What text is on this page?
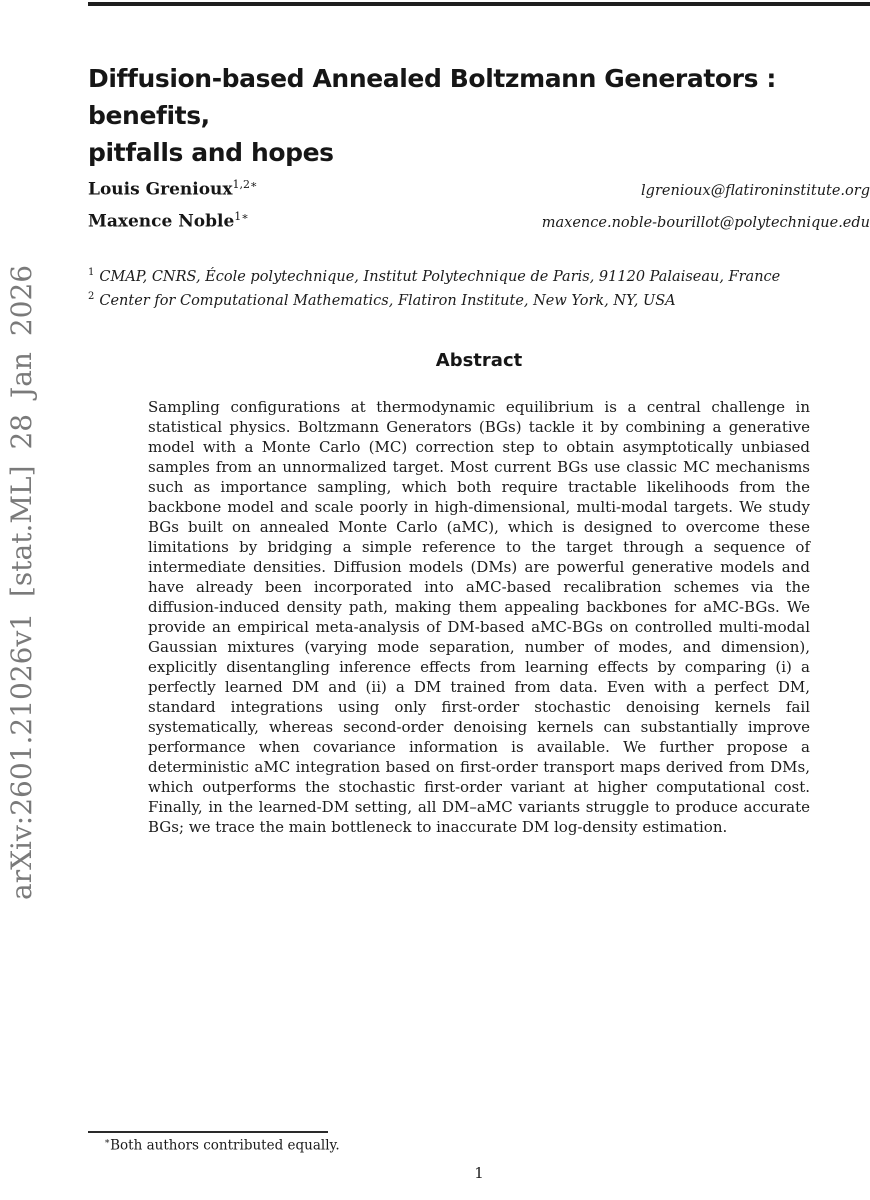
arXiv:2601.21026v1 [stat.ML] 28 Jan 2026
Diffusion-based Annealed Boltzmann Generators : benefits,
pitfalls and hopes
Louis Grenioux$^{1,2∗}$	lgrenioux@flatironinstitute.org
Maxence Noble$^{1∗}$	maxence.noble-bourillot@polytechnique.edu
$^1$ CMAP, CNRS, École polytechnique, Institut Polytechnique de Paris, 91120 Palaiseau, France
$^2$ Center for Computational Mathematics, Flatiron Institute, New York, NY, USA
Abstract
Sampling configurations at thermodynamic equilibrium is a central challenge in statistical physics. Boltzmann Generators (BGs) tackle it by combining a generative model with a Monte Carlo (MC) correction step to obtain asymptotically unbiased samples from an unnormalized target. Most current BGs use classic MC mechanisms such as importance sampling, which both require tractable likelihoods from the backbone model and scale poorly in high-dimensional, multi-modal targets. We study BGs built on annealed Monte Carlo (aMC), which is designed to overcome these limitations by bridging a simple reference to the target through a sequence of intermediate densities. Diffusion models (DMs) are powerful generative models and have already been incorporated into aMC-based recalibration schemes via the diffusion-induced density path, making them appealing backbones for aMC-BGs. We provide an empirical meta-analysis of DM-based aMC-BGs on controlled multi-modal Gaussian mixtures (varying mode separation, number of modes, and dimension), explicitly disentangling inference effects from learning effects by comparing (i) a perfectly learned DM and (ii) a DM trained from data. Even with a perfect DM, standard integrations using only first-order stochastic denoising kernels fail systematically, whereas second-order denoising kernels can substantially improve performance when covariance information is available. We further propose a deterministic aMC integration based on first-order transport maps derived from DMs, which outperforms the stochastic first-order variant at higher computational cost. Finally, in the learned-DM setting, all DM–aMC variants struggle to produce accurate BGs; we trace the main bottleneck to inaccurate DM log-density estimation.
∗Both authors contributed equally.
1
